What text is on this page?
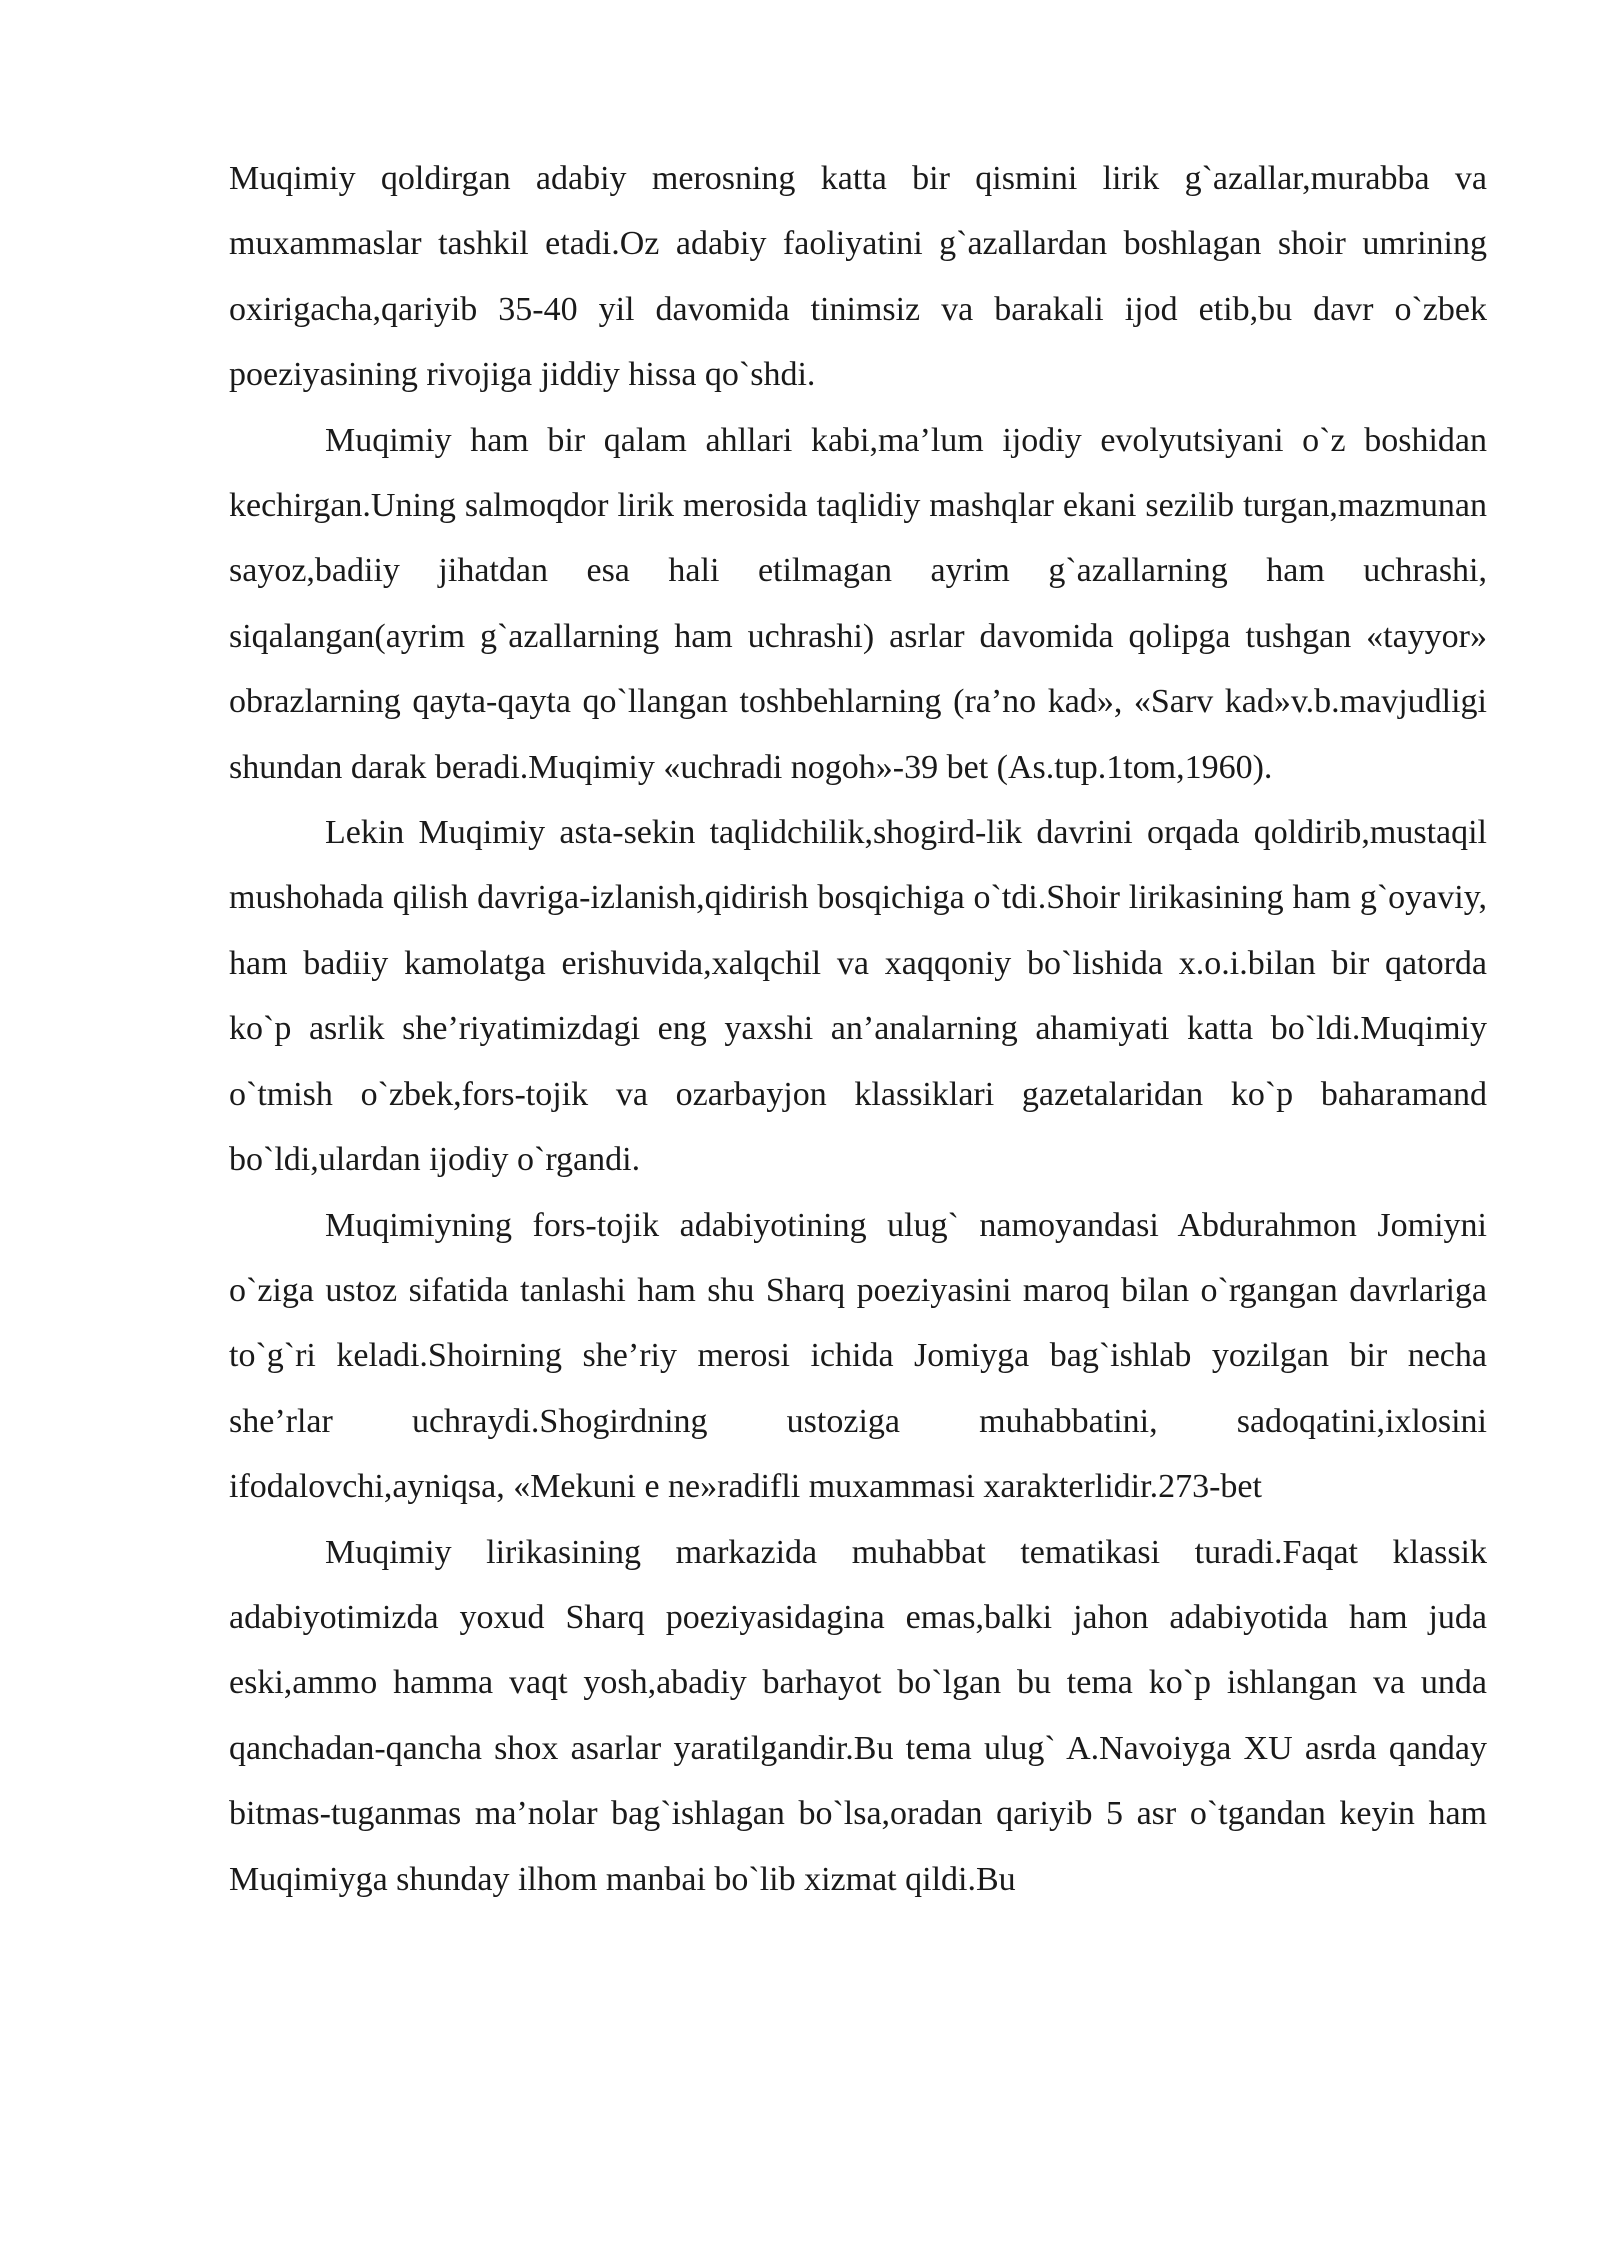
Muqimiy qoldirgan adabiy merosning katta bir qismini lirik g`azallar,murabba va muxammaslar tashkil etadi.Oz adabiy faoliyatini g`azallardan boshlagan shoir umrining oxirigacha,qariyib 35-40 yil davomida tinimsiz va barakali ijod etib,bu davr o`zbek poeziyasining rivojiga jiddiy hissa qo`shdi.

Muqimiy ham bir qalam ahllari kabi,ma’lum ijodiy evolyutsiyani o`z boshidan kechirgan.Uning salmoqdor lirik merosida taqlidiy mashqlar ekani sezilib turgan,mazmunan sayoz,badiiy jihatdan esa hali etilmagan ayrim g`azallarning ham uchrashi, siqalangan(ayrim g`azallarning ham uchrashi) asrlar davomida qolipga tushgan «tayyor» obrazlarning qayta-qayta qo`llangan toshbehlarning (ra’no kad», «Sarv kad»v.b.mavjudligi shundan darak beradi.Muqimiy «uchradi nogoh»-39 bet (As.tup.1tom,1960).

Lekin Muqimiy asta-sekin taqlidchilik,shogird-lik davrini orqada qoldirib,mustaqil mushohada qilish davriga-izlanish,qidirish bosqichiga o`tdi.Shoir lirikasining ham g`oyaviy, ham badiiy kamolatga erishuvida,xalqchil va xaqqoniy bo`lishida x.o.i.bilan bir qatorda ko`p asrlik she’riyatimizdagi eng yaxshi an’analarning ahamiyati katta bo`ldi.Muqimiy o`tmish o`zbek,fors-tojik va ozarbayjon klassiklari gazetalaridan ko`p baharamand bo`ldi,ulardan ijodiy o`rgandi.

Muqimiyning fors-tojik adabiyotining ulug` namoyandasi Abdurahmon Jomiyni o`ziga ustoz sifatida tanlashi ham shu Sharq poeziyasini maroq bilan o`rgangan davrlariga to`g`ri keladi.Shoirning she’riy merosi ichida Jomiyga bag`ishlab yozilgan bir necha she’rlar uchraydi.Shogirdning ustoziga muhabbatini, sadoqatini,ixlosini ifodalovchi,ayniqsa, «Mekuni e ne»radifli muxammasi xarakterlidir.273-bet

Muqimiy lirikasining markazida muhabbat tematikasi turadi.Faqat klassik adabiyotimizda yoxud Sharq poeziyasidagina emas,balki jahon adabiyotida ham juda eski,ammo hamma vaqt yosh,abadiy barhayot bo`lgan bu tema ko`p ishlangan va unda qanchadan-qancha shox asarlar yaratilgandir.Bu tema ulug` A.Navoiyga XU asrda qanday bitmas-tuganmas ma’nolar bag`ishlagan bo`lsa,oradan qariyib 5 asr o`tgandan keyin ham Muqimiyga shunday ilhom manbai bo`lib xizmat qildi.Bu
